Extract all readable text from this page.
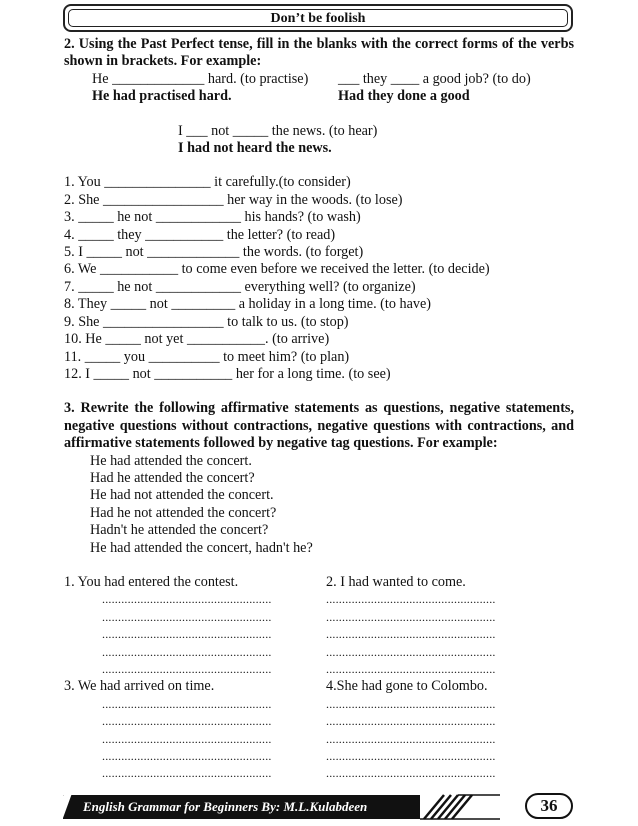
Don’t be foolish
2. Using the Past Perfect tense, fill in the blanks with the correct forms of the verbs shown in brackets. For example:
He _____________ hard. (to practise)	___ they ____ a good job? (to do)
He had practised hard.	Had they done a good
I ___ not _____ the news. (to hear)
I had not heard the news.
1. You _______________ it carefully.(to consider)
2. She _________________ her way in the woods. (to lose)
3. _____ he not ____________ his hands? (to wash)
4. _____ they ___________ the letter? (to read)
5. I _____ not _____________ the words. (to forget)
6. We ___________ to come even before we received the letter. (to decide)
7. _____ he not ____________ everything well? (to organize)
8. They _____ not _________ a holiday in a long time. (to have)
9. She _________________ to talk to us. (to stop)
10. He _____ not yet ___________. (to arrive)
11. _____ you __________ to meet him? (to plan)
12. I _____ not ___________ her for a long time. (to see)
3. Rewrite the following affirmative statements as questions, negative statements, negative questions without contractions, negative questions with contractions, and affirmative statements followed by negative tag questions. For example:
He had attended the concert.
Had he attended the concert?
He had not attended the concert.
Had he not attended the concert?
Hadn't he attended the concert?
He had attended the concert, hadn't he?
1. You had entered the contest.	2. I had wanted to come.
.....................................................	.....................................................
.....................................................	.....................................................
.....................................................	.....................................................
.....................................................	.....................................................
.....................................................	.....................................................
3. We had arrived on time.	4.She had gone to Colombo.
.....................................................	.....................................................
.....................................................	.....................................................
.....................................................	.....................................................
.....................................................	.....................................................
.....................................................	.....................................................
English Grammar for Beginners By: M.L.Kulabdeen	36
